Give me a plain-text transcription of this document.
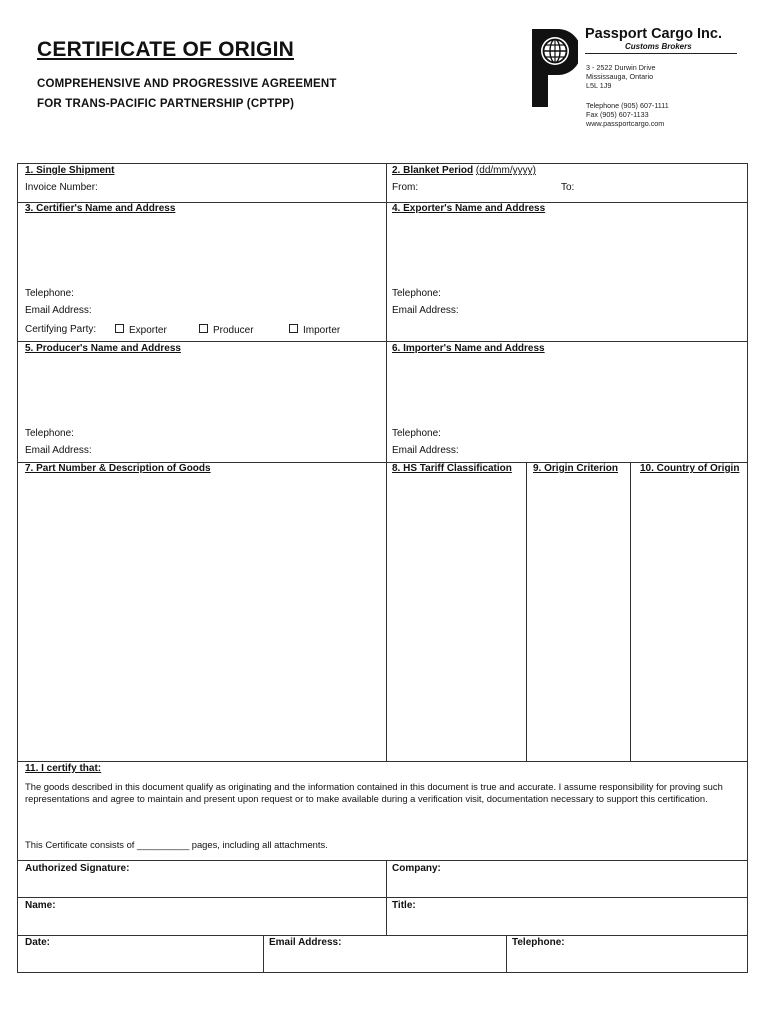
CERTIFICATE OF ORIGIN
COMPREHENSIVE AND PROGRESSIVE AGREEMENT
FOR TRANS-PACIFIC PARTNERSHIP (CPTPP)
Passport Cargo Inc.
Customs Brokers
3 - 2522 Durwin Drive
Mississauga, Ontario
L5L 1J9
Telephone (905) 607-1111
Fax (905) 607-1133
www.passportcargo.com
1. Single Shipment
Invoice Number:
2. Blanket Period (dd/mm/yyyy)
From:	To:
3. Certifier's Name and Address
Telephone:
Email Address:
Certifying Party:	Exporter	Producer	Importer
4. Exporter's Name and Address
Telephone:
Email Address:
5. Producer's Name and Address
Telephone:
Email Address:
6. Importer's Name and Address
Telephone:
Email Address:
7. Part Number & Description of Goods	8. HS Tariff Classification 9. Origin Criterion 10. Country of Origin
11. I certify that:
The goods described in this document qualify as originating and the information contained in this document is true and accurate. I assume responsibility for proving such representations and agree to maintain and present upon request or to make available during a verification visit, documentation necessary to support this certification.
This Certificate consists of __________ pages, including all attachments.
Authorized Signature:	Company:
Name:	Title:
Date:	Email Address:	Telephone:
